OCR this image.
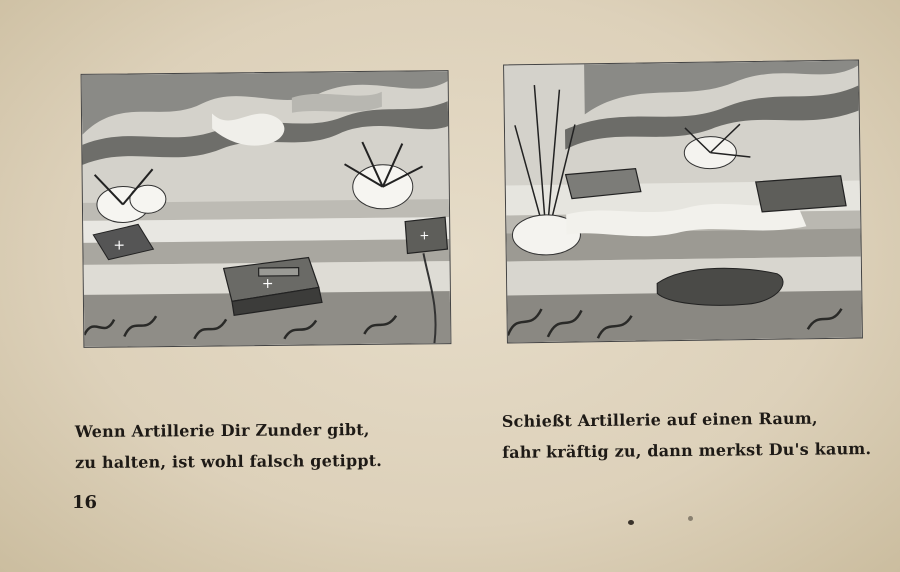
+
+
+
Wenn Artillerie Dir Zunder gibt,
zu halten, ist wohl falsch getippt.
Schießt Artillerie auf einen Raum,
fahr kräftig zu, dann merkst Du's kaum.
16
